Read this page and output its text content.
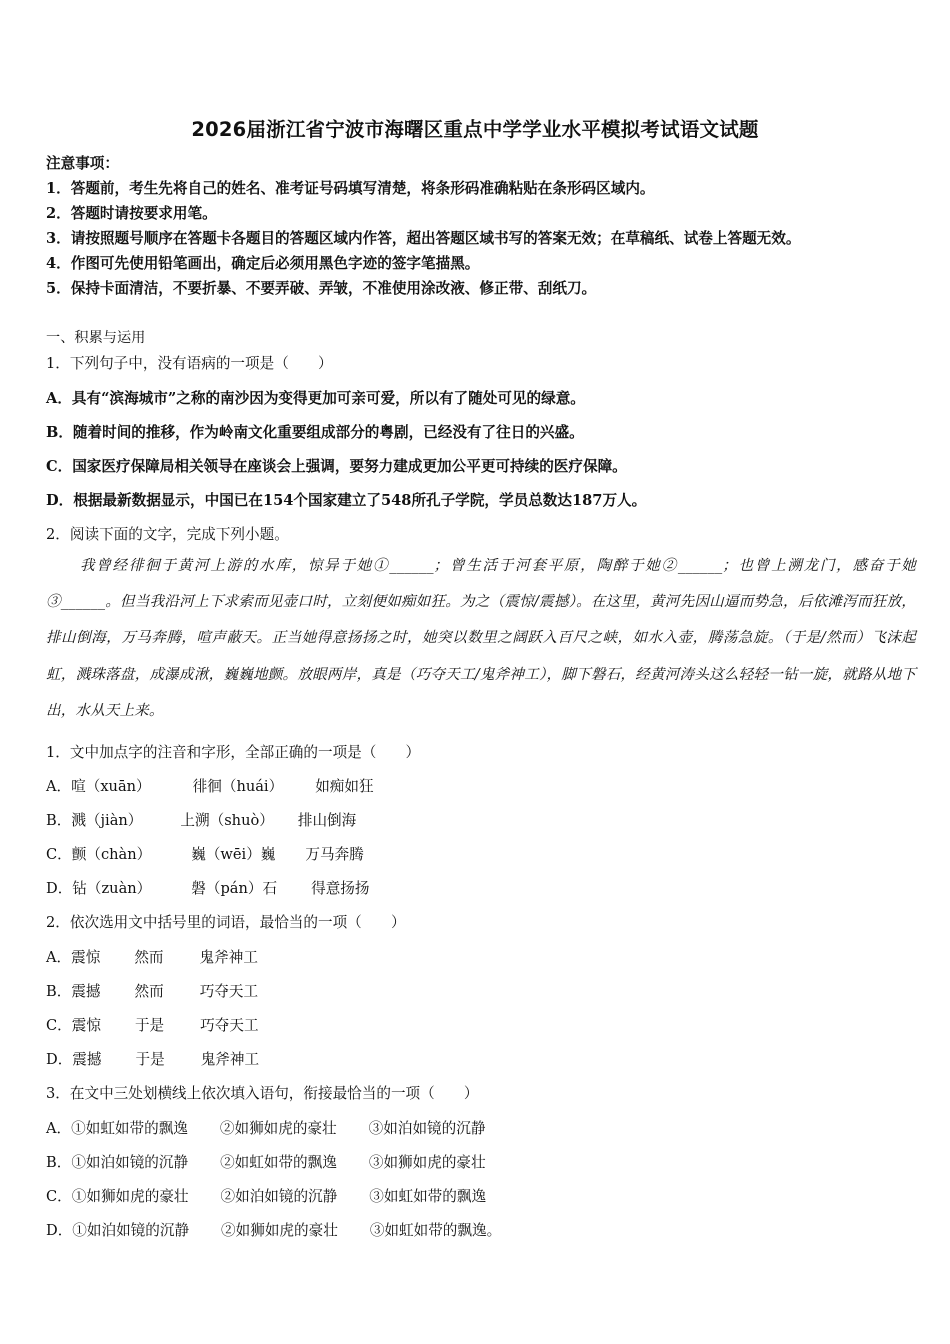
2026届浙江省宁波市海曙区重点中学学业水平模拟考试语文试题
注意事项：
1．答题前，考生先将自己的姓名、准考证号码填写清楚，将条形码准确粘贴在条形码区域内。
2．答题时请按要求用笔。
3．请按照题号顺序在答题卡各题目的答题区域内作答，超出答题区域书写的答案无效；在草稿纸、试卷上答题无效。
4．作图可先使用铅笔画出，确定后必须用黑色字迹的签字笔描黑。
5．保持卡面清洁，不要折暴、不要弄破、弄皱，不准使用涂改液、修正带、刮纸刀。
一、积累与运用
1．下列句子中，没有语病的一项是（　　）
A．具有“滨海城市”之称的南沙因为变得更加可亲可爱，所以有了随处可见的绿意。
B．随着时间的推移，作为岭南文化重要组成部分的粤剧，已经没有了往日的兴盛。
C．国家医疗保障局相关领导在座谈会上强调，要努力建成更加公平更可持续的医疗保障。
D．根据最新数据显示，中国已在154个国家建立了548所孔子学院，学员总数达187万人。
2．阅读下面的文字，完成下列小题。
我曾经徘徊于黄河上游的水库，惊异于她①______；曾生活于河套平原，陶醉于她②______；也曾上溯龙门，感奋于她③______。但当我沿河上下求索而见壶口时，立刻便如痴如狂。为之（震惊/震撼）。在这里，黄河先因山逼而势急，后依滩泻而狂放，排山倒海，万马奔腾，喧声蔽天。正当她得意扬扬之时，她突以数里之阔跃入百尺之峡，如水入壶，腾荡急旋。（于是/然而）飞沫起虹，溅珠落盘，成瀑成湫，巍巍地颤。放眼两岸，真是（巧夺天工/鬼斧神工），脚下磐石，经黄河涛头这么轻轻一钻一旋，就路从地下出，水从天上来。
1．文中加点字的注音和字形，全部正确的一项是（　　）
A．喧（xuān）	徘徊（huái） 如痴如狂
B．溅（jiàn）	上溯（shuò） 排山倒海
C．颤（chàn）	巍（wēi）巍 万马奔腾
D．钻（zuàn）	磐（pán）石 得意扬扬
2．依次选用文中括号里的词语，最恰当的一项（　　）
A．震惊 然而 鬼斧神工
B．震撼 然而 巧夺天工
C．震惊 于是 巧夺天工
D．震撼 于是 鬼斧神工
3．在文中三处划横线上依次填入语句，衔接最恰当的一项（　　）
A．①如虹如带的飘逸 ②如狮如虎的豪壮 ③如泊如镜的沉静
B．①如泊如镜的沉静 ②如虹如带的飘逸 ③如狮如虎的豪壮
C．①如狮如虎的豪壮 ②如泊如镜的沉静 ③如虹如带的飘逸
D．①如泊如镜的沉静 ②如狮如虎的豪壮 ③如虹如带的飘逸。
